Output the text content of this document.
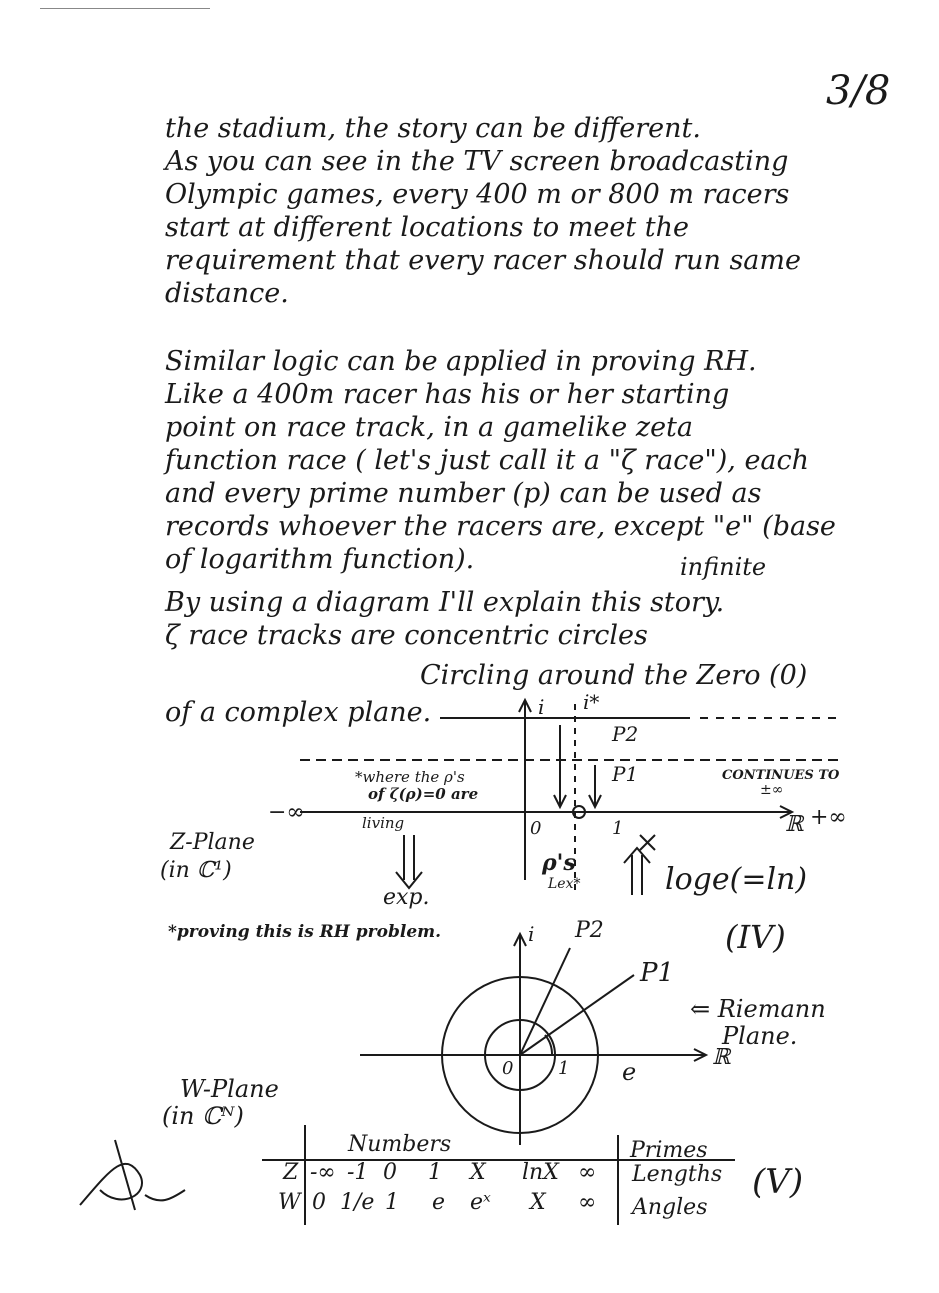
3/8
the stadium, the story can be different.
As you can see in the TV screen broadcasting
Olympic games, every 400 m or 800 m racers
start at different locations to meet the
requirement that every racer should run same
distance.
Similar logic can be applied in proving RH.
Like a 400m racer has his or her starting
point on race track, in a gamelike zeta
function race ( let's just call it a "ζ race"), each
and every prime number (p) can be used as
records whoever the racers are, except "e" (base
of logarithm function).	infinite
By using a diagram I'll explain this story.
ζ race tracks are concentric circles
Circling around the Zero (0)
of a complex plane.	i i*
P2
P1	CONTINUES TO
±∞
*where the ρ's
of ζ(ρ)=0 are
living
−∞	+∞
ℝ
0	1
ρ's
Lex*
Z-Plane
(in ℂ¹)
exp.
loge(=ln)
*proving this is RH problem.	(IV)
i P2
P1
⇐ Riemann
Plane.
ℝ
0 1 e
W-Plane
(in ℂᴺ)
Numbers	Primes
Z -∞ -1 0 1 X lnX ∞ Lengths
W 0 1/e 1 e eˣ X ∞ Angles
(V)
